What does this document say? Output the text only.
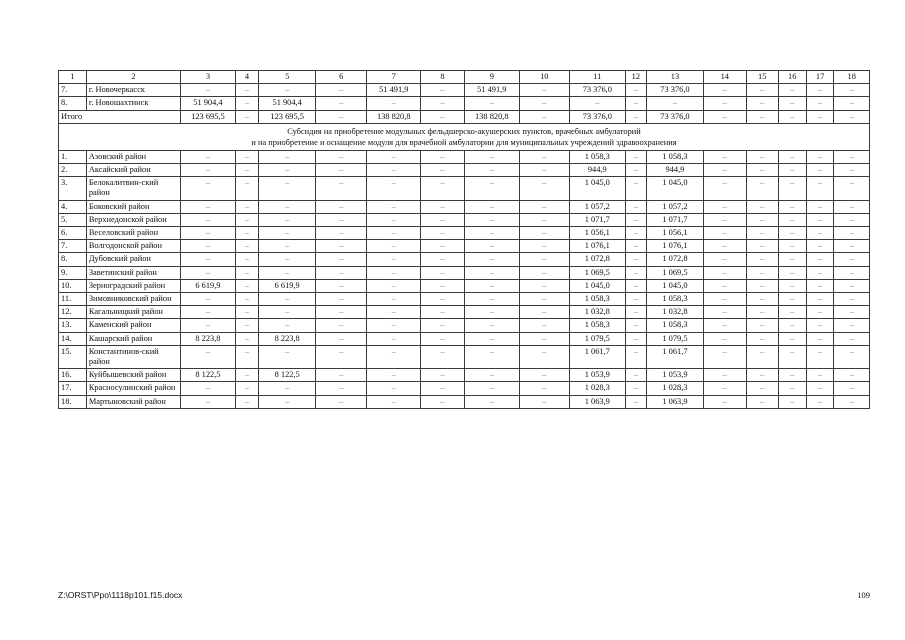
1	2	3	4	5	6	7	8	9	10	11	12	13	14	15	16	17	18
7.	г. Новочеркасск	–	–	–	–	51 491,9	–	51 491,9	–	73 376,0	–	73 376,0	–	–	–	–	–
8.	г. Новошахтинск	51 904,4	–	51 904,4	–	–	–	–	–	–	–	–	–	–	–	–	–
Итого		123 695,5	–	123 695,5	–	138 820,8	–	138 820,8	–	73 376,0	–	73 376,0	–	–	–	–	–

Субсидия на приобретение модульных фельдшерско-акушерских пунктов, врачебных амбулаторий
и на приобретение и оснащение модуля для врачебной амбулатории для муниципальных учреждений здравоохранения																	

1.	Азовский район	–	–	–	–	–	–	–	–	1 058,3	–	1 058,3	–	–	–	–	–
2.	Аксайский район	–	–	–	–	–	–	–	–	944,9	–	944,9	–	–	–	–	–
3.	Белокалитвин-ский район	–	–	–	–	–	–	–	–	1 045,0	–	1 045,0	–	–	–	–	–
4.	Боковский район	–	–	–	–	–	–	–	–	1 057,2	–	1 057,2	–	–	–	–	–
5.	Верхнедонской район	–	–	–	–	–	–	–	–	1 071,7	–	1 071,7	–	–	–	–	–
6.	Веселовский район	–	–	–	–	–	–	–	–	1 056,1	–	1 056,1	–	–	–	–	–
7.	Волгодонской район	–	–	–	–	–	–	–	–	1 076,1	–	1 076,1	–	–	–	–	–
8.	Дубовский район	–	–	–	–	–	–	–	–	1 072,8	–	1 072,8	–	–	–	–	–
9.	Заветинский район	–	–	–	–	–	–	–	–	1 069,5	–	1 069,5	–	–	–	–	–
10.	Зерноградский район	6 619,9	–	6 619,9	–	–	–	–	–	1 045,0	–	1 045,0	–	–	–	–	–
11.	Зимовниковский район	–	–	–	–	–	–	–	–	1 058,3	–	1 058,3	–	–	–	–	–
12.	Кагальницкий район	–	–	–	–	–	–	–	–	1 032,8	–	1 032,8	–	–	–	–	–
13.	Каменский район	–	–	–	–	–	–	–	–	1 058,3	–	1 058,3	–	–	–	–	–
14.	Кашарский район	8 223,8	–	8 223,8	–	–	–	–	–	1 079,5	–	1 079,5	–	–	–	–	–
15.	Константинов-ский район	–	–	–	–	–	–	–	–	1 061,7	–	1 061,7	–	–	–	–	–
16.	Куйбышевский район	8 122,5	–	8 122,5	–	–	–	–	–	1 053,9	–	1 053,9	–	–	–	–	–
17.	Красносулинский район	–	–	–	–	–	–	–	–	1 028,3	–	1 028,3	–	–	–	–	–
18.	Мартыновский район	–	–	–	–	–	–	–	–	1 063,9	–	1 063,9	–	–	–	–	–
Z:\ORST\Ppo\1118p101.f15.docx	109
